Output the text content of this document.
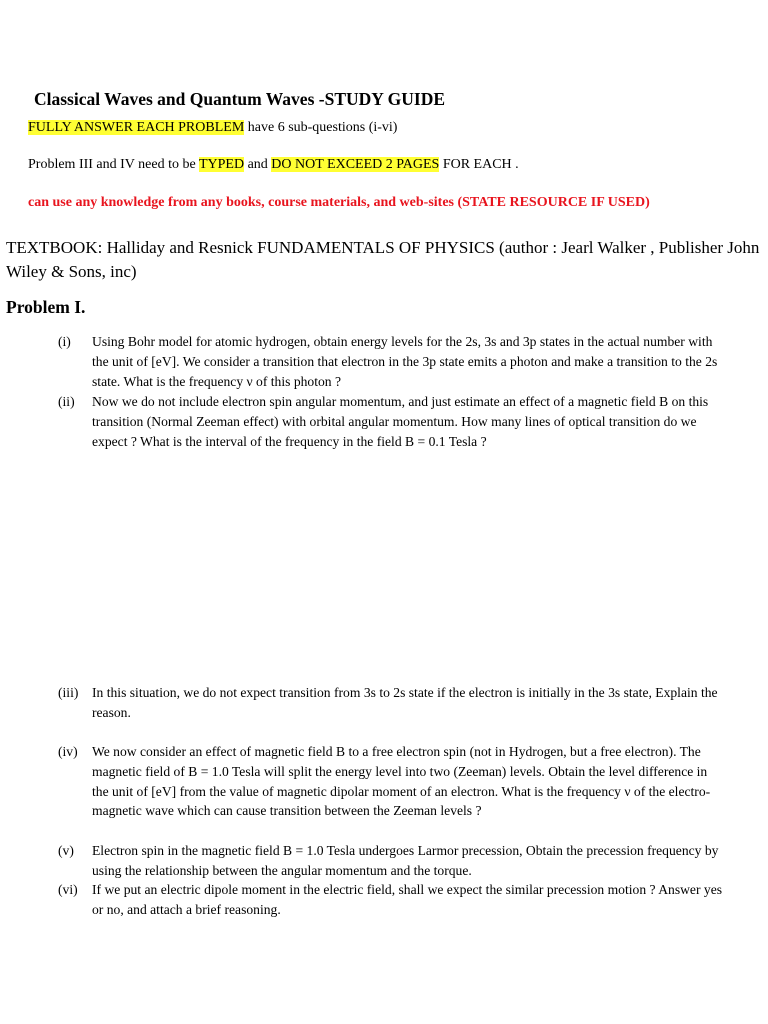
Classical Waves and Quantum Waves -STUDY GUIDE
FULLY ANSWER EACH PROBLEM have 6 sub-questions (i-vi)
Problem III and IV need to be TYPED and DO NOT EXCEED 2 PAGES FOR EACH .
can use any knowledge from any books, course materials, and web-sites (STATE RESOURCE IF USED)
TEXTBOOK: Halliday and Resnick FUNDAMENTALS OF PHYSICS (author : Jearl Walker , Publisher John Wiley & Sons, inc)
Problem I.
(i) Using Bohr model for atomic hydrogen, obtain energy levels for the 2s, 3s and 3p states in the actual number with the unit of [eV]. We consider a transition that electron in the 3p state emits a photon and make a transition to the 2s state. What is the frequency ν of this photon ?
(ii) Now we do not include electron spin angular momentum, and just estimate an effect of a magnetic field B on this transition (Normal Zeeman effect) with orbital angular momentum. How many lines of optical transition do we expect ? What is the interval of the frequency in the field B = 0.1 Tesla ?
(iii) In this situation, we do not expect transition from 3s to 2s state if the electron is initially in the 3s state, Explain the reason.
(iv) We now consider an effect of magnetic field B to a free electron spin (not in Hydrogen, but a free electron). The magnetic field of B = 1.0 Tesla will split the energy level into two (Zeeman) levels. Obtain the level difference in the unit of [eV] from the value of magnetic dipolar moment of an electron. What is the frequency ν of the electro-magnetic wave which can cause transition between the Zeeman levels ?
(v) Electron spin in the magnetic field B = 1.0 Tesla undergoes Larmor precession, Obtain the precession frequency by using the relationship between the angular momentum and the torque.
(vi) If we put an electric dipole moment in the electric field, shall we expect the similar precession motion ? Answer yes or no, and attach a brief reasoning.
